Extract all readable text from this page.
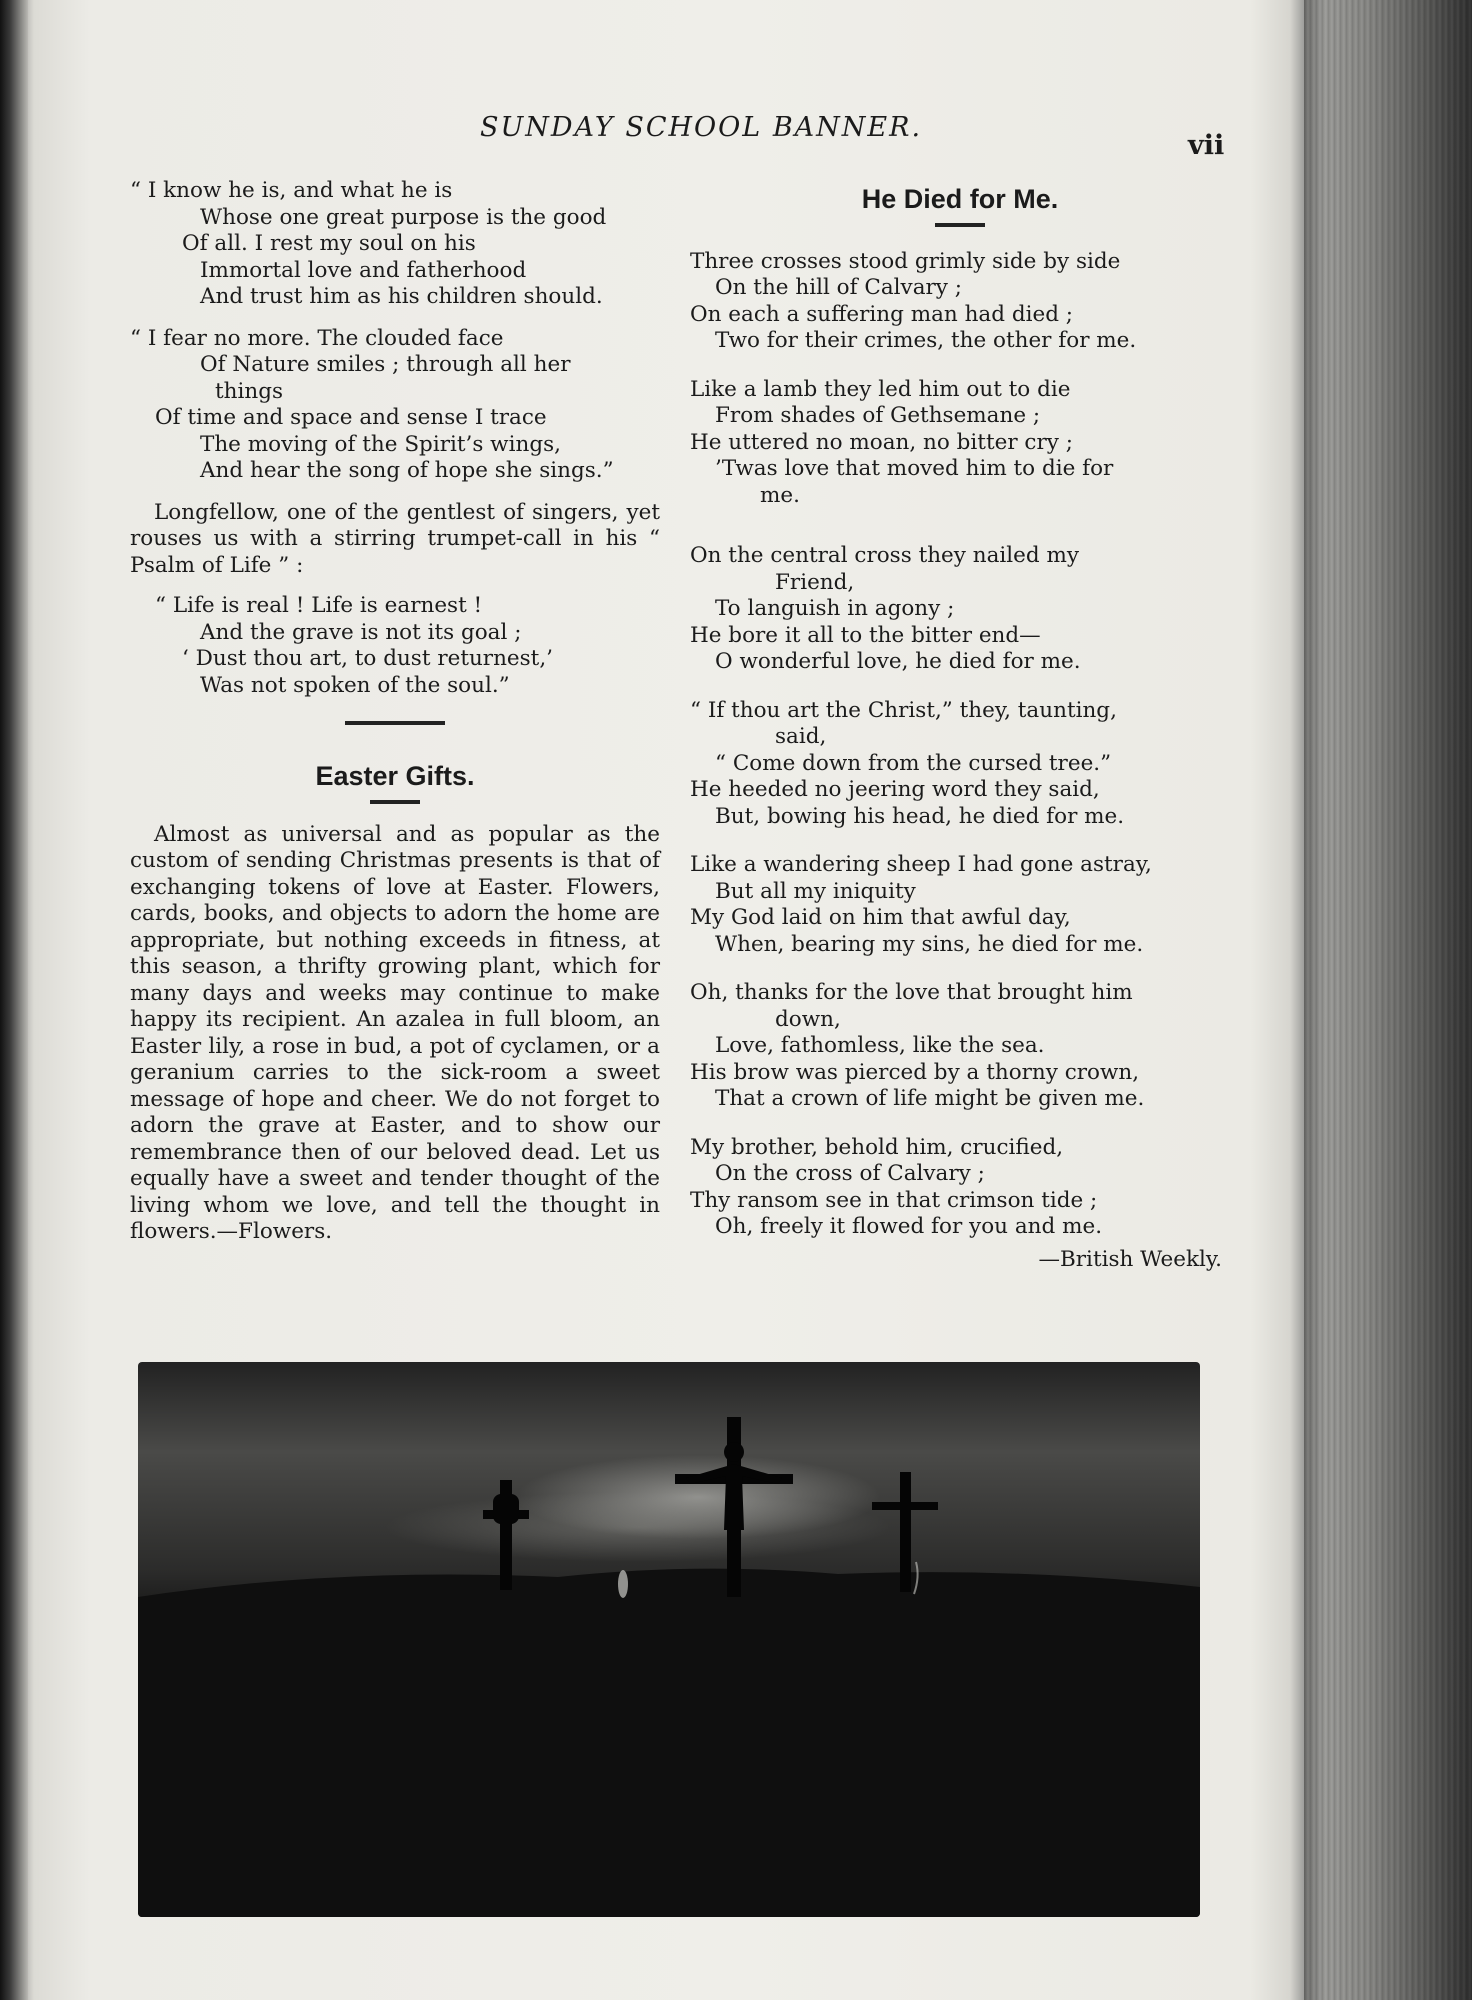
SUNDAY SCHOOL BANNER.
vii
“ I know he is, and what he is
Whose one great purpose is the good
Of all. I rest my soul on his
Immortal love and fatherhood
And trust him as his children should.
“ I fear no more. The clouded face
Of Nature smiles ; through all her
things
Of time and space and sense I trace
The moving of the Spirit’s wings,
And hear the song of hope she sings.”

Longfellow, one of the gentlest of singers, yet rouses us with a stirring trumpet-call in his “ Psalm of Life ” :

“ Life is real ! Life is earnest !
And the grave is not its goal ;
‘ Dust thou art, to dust returnest,’
Was not spoken of the soul.”
Easter Gifts.

Almost as universal and as popular as the custom of sending Christmas presents is that of exchanging tokens of love at Easter. Flowers, cards, books, and objects to adorn the home are appropriate, but nothing exceeds in fitness, at this season, a thrifty growing plant, which for many days and weeks may continue to make happy its recipient. An azalea in full bloom, an Easter lily, a rose in bud, a pot of cyclamen, or a geranium carries to the sick-room a sweet message of hope and cheer. We do not forget to adorn the grave at Easter, and to show our remembrance then of our beloved dead. Let us equally have a sweet and tender thought of the living whom we love, and tell the thought in flowers.—Flowers.

He Died for Me.
Three crosses stood grimly side by side
On the hill of Calvary ;
On each a suffering man had died ;
Two for their crimes, the other for me.
Like a lamb they led him out to die
From shades of Gethsemane ;
He uttered no moan, no bitter cry ;
’Twas love that moved him to die for
me.
On the central cross they nailed my
Friend,
To languish in agony ;
He bore it all to the bitter end—
O wonderful love, he died for me.
“ If thou art the Christ,” they, taunting,
said,
“ Come down from the cursed tree.”
He heeded no jeering word they said,
But, bowing his head, he died for me.
Like a wandering sheep I had gone astray,
But all my iniquity
My God laid on him that awful day,
When, bearing my sins, he died for me.
Oh, thanks for the love that brought him
down,
Love, fathomless, like the sea.
His brow was pierced by a thorny crown,
That a crown of life might be given me.
My brother, behold him, crucified,
On the cross of Calvary ;
Thy ransom see in that crimson tide ;
Oh, freely it flowed for you and me.
—British Weekly.
